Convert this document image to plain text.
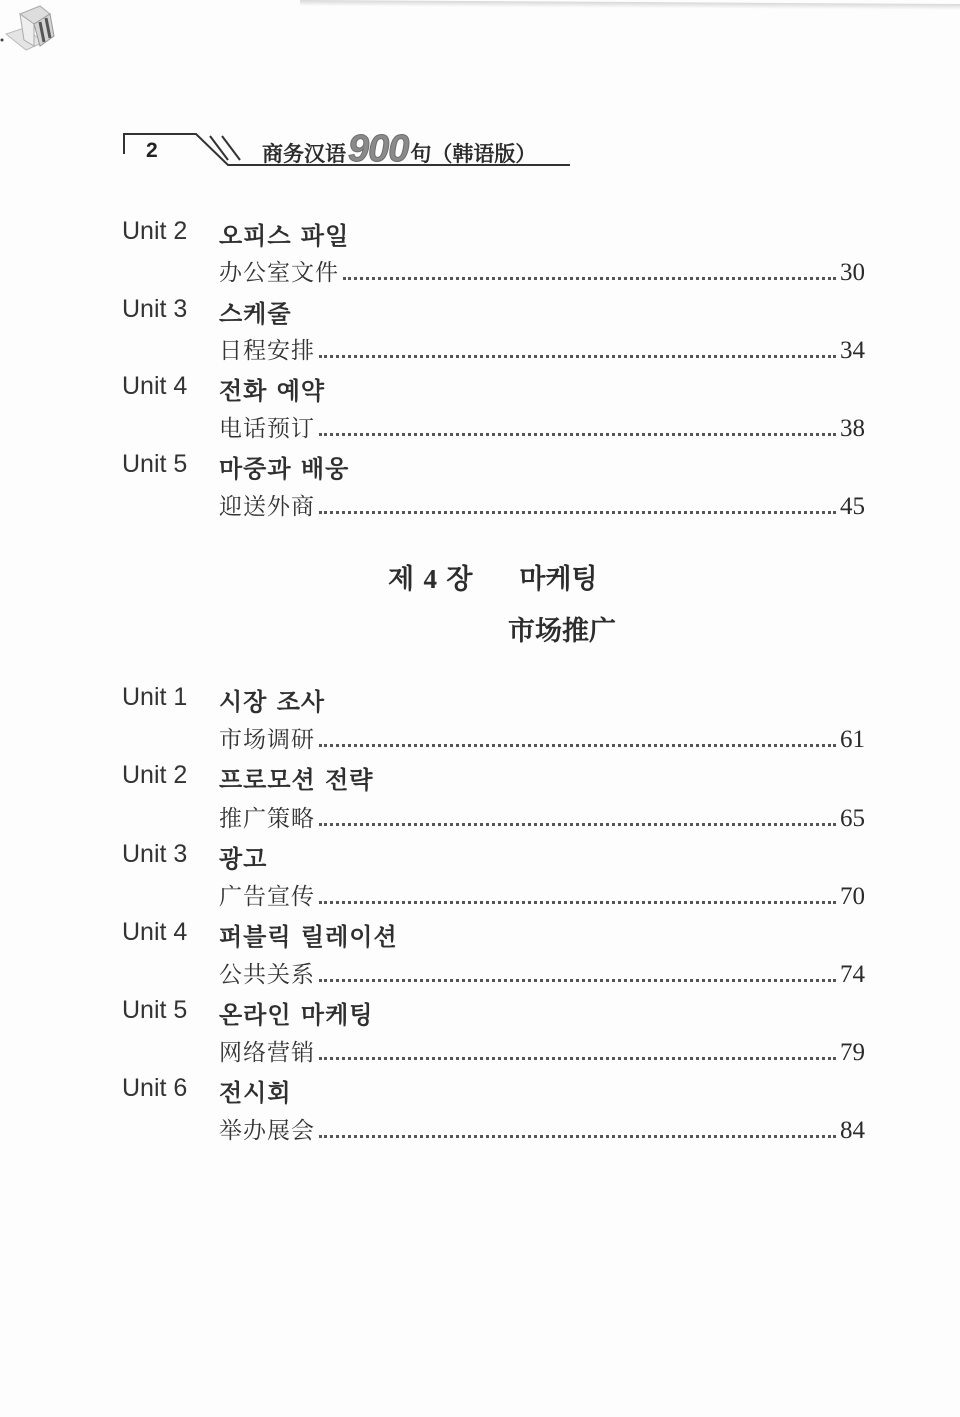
2	商务汉语 900 句（韩语版）
Unit 2 오피스 파일
办公室文件	30
Unit 3 스케줄
日程安排	34
Unit 4 전화 예약
电话预订	38
Unit 5 마중과 배웅
迎送外商	45
제 4 장 마케팅
市场推广
Unit 1 시장 조사
市场调研	61
Unit 2 프로모션 전략
推广策略	65
Unit 3 광고
广告宣传	70
Unit 4 퍼블릭 릴레이션
公共关系	74
Unit 5 온라인 마케팅
网络营销	79
Unit 6 전시회
举办展会	84
